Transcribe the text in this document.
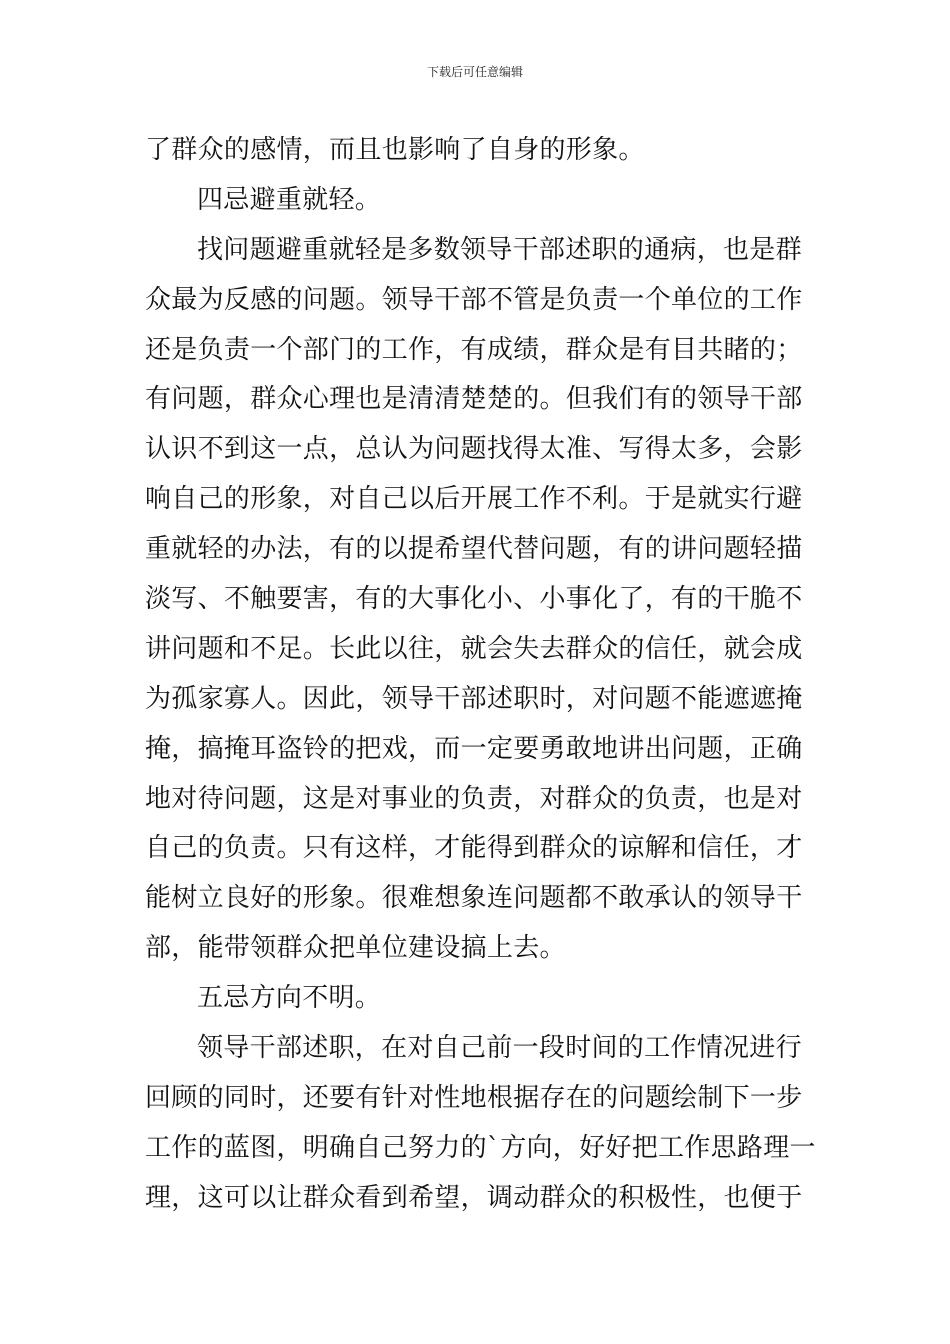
下载后可任意编辑
了群众的感情，而且也影响了自身的形象。
四忌避重就轻。
找问题避重就轻是多数领导干部述职的通病，也是群
众最为反感的问题。领导干部不管是负责一个单位的工作
还是负责一个部门的工作，有成绩，群众是有目共睹的；
有问题，群众心理也是清清楚楚的。但我们有的领导干部
认识不到这一点，总认为问题找得太准、写得太多，会影
响自己的形象，对自己以后开展工作不利。于是就实行避
重就轻的办法，有的以提希望代替问题，有的讲问题轻描
淡写、不触要害，有的大事化小、小事化了，有的干脆不
讲问题和不足。长此以往，就会失去群众的信任，就会成
为孤家寡人。因此，领导干部述职时，对问题不能遮遮掩
掩，搞掩耳盗铃的把戏，而一定要勇敢地讲出问题，正确
地对待问题，这是对事业的负责，对群众的负责，也是对
自己的负责。只有这样，才能得到群众的谅解和信任，才
能树立良好的形象。很难想象连问题都不敢承认的领导干
部，能带领群众把单位建设搞上去。
五忌方向不明。
领导干部述职，在对自己前一段时间的工作情况进行
回顾的同时，还要有针对性地根据存在的问题绘制下一步
工作的蓝图，明确自己努力的`方向，好好把工作思路理一
理，这可以让群众看到希望，调动群众的积极性，也便于
